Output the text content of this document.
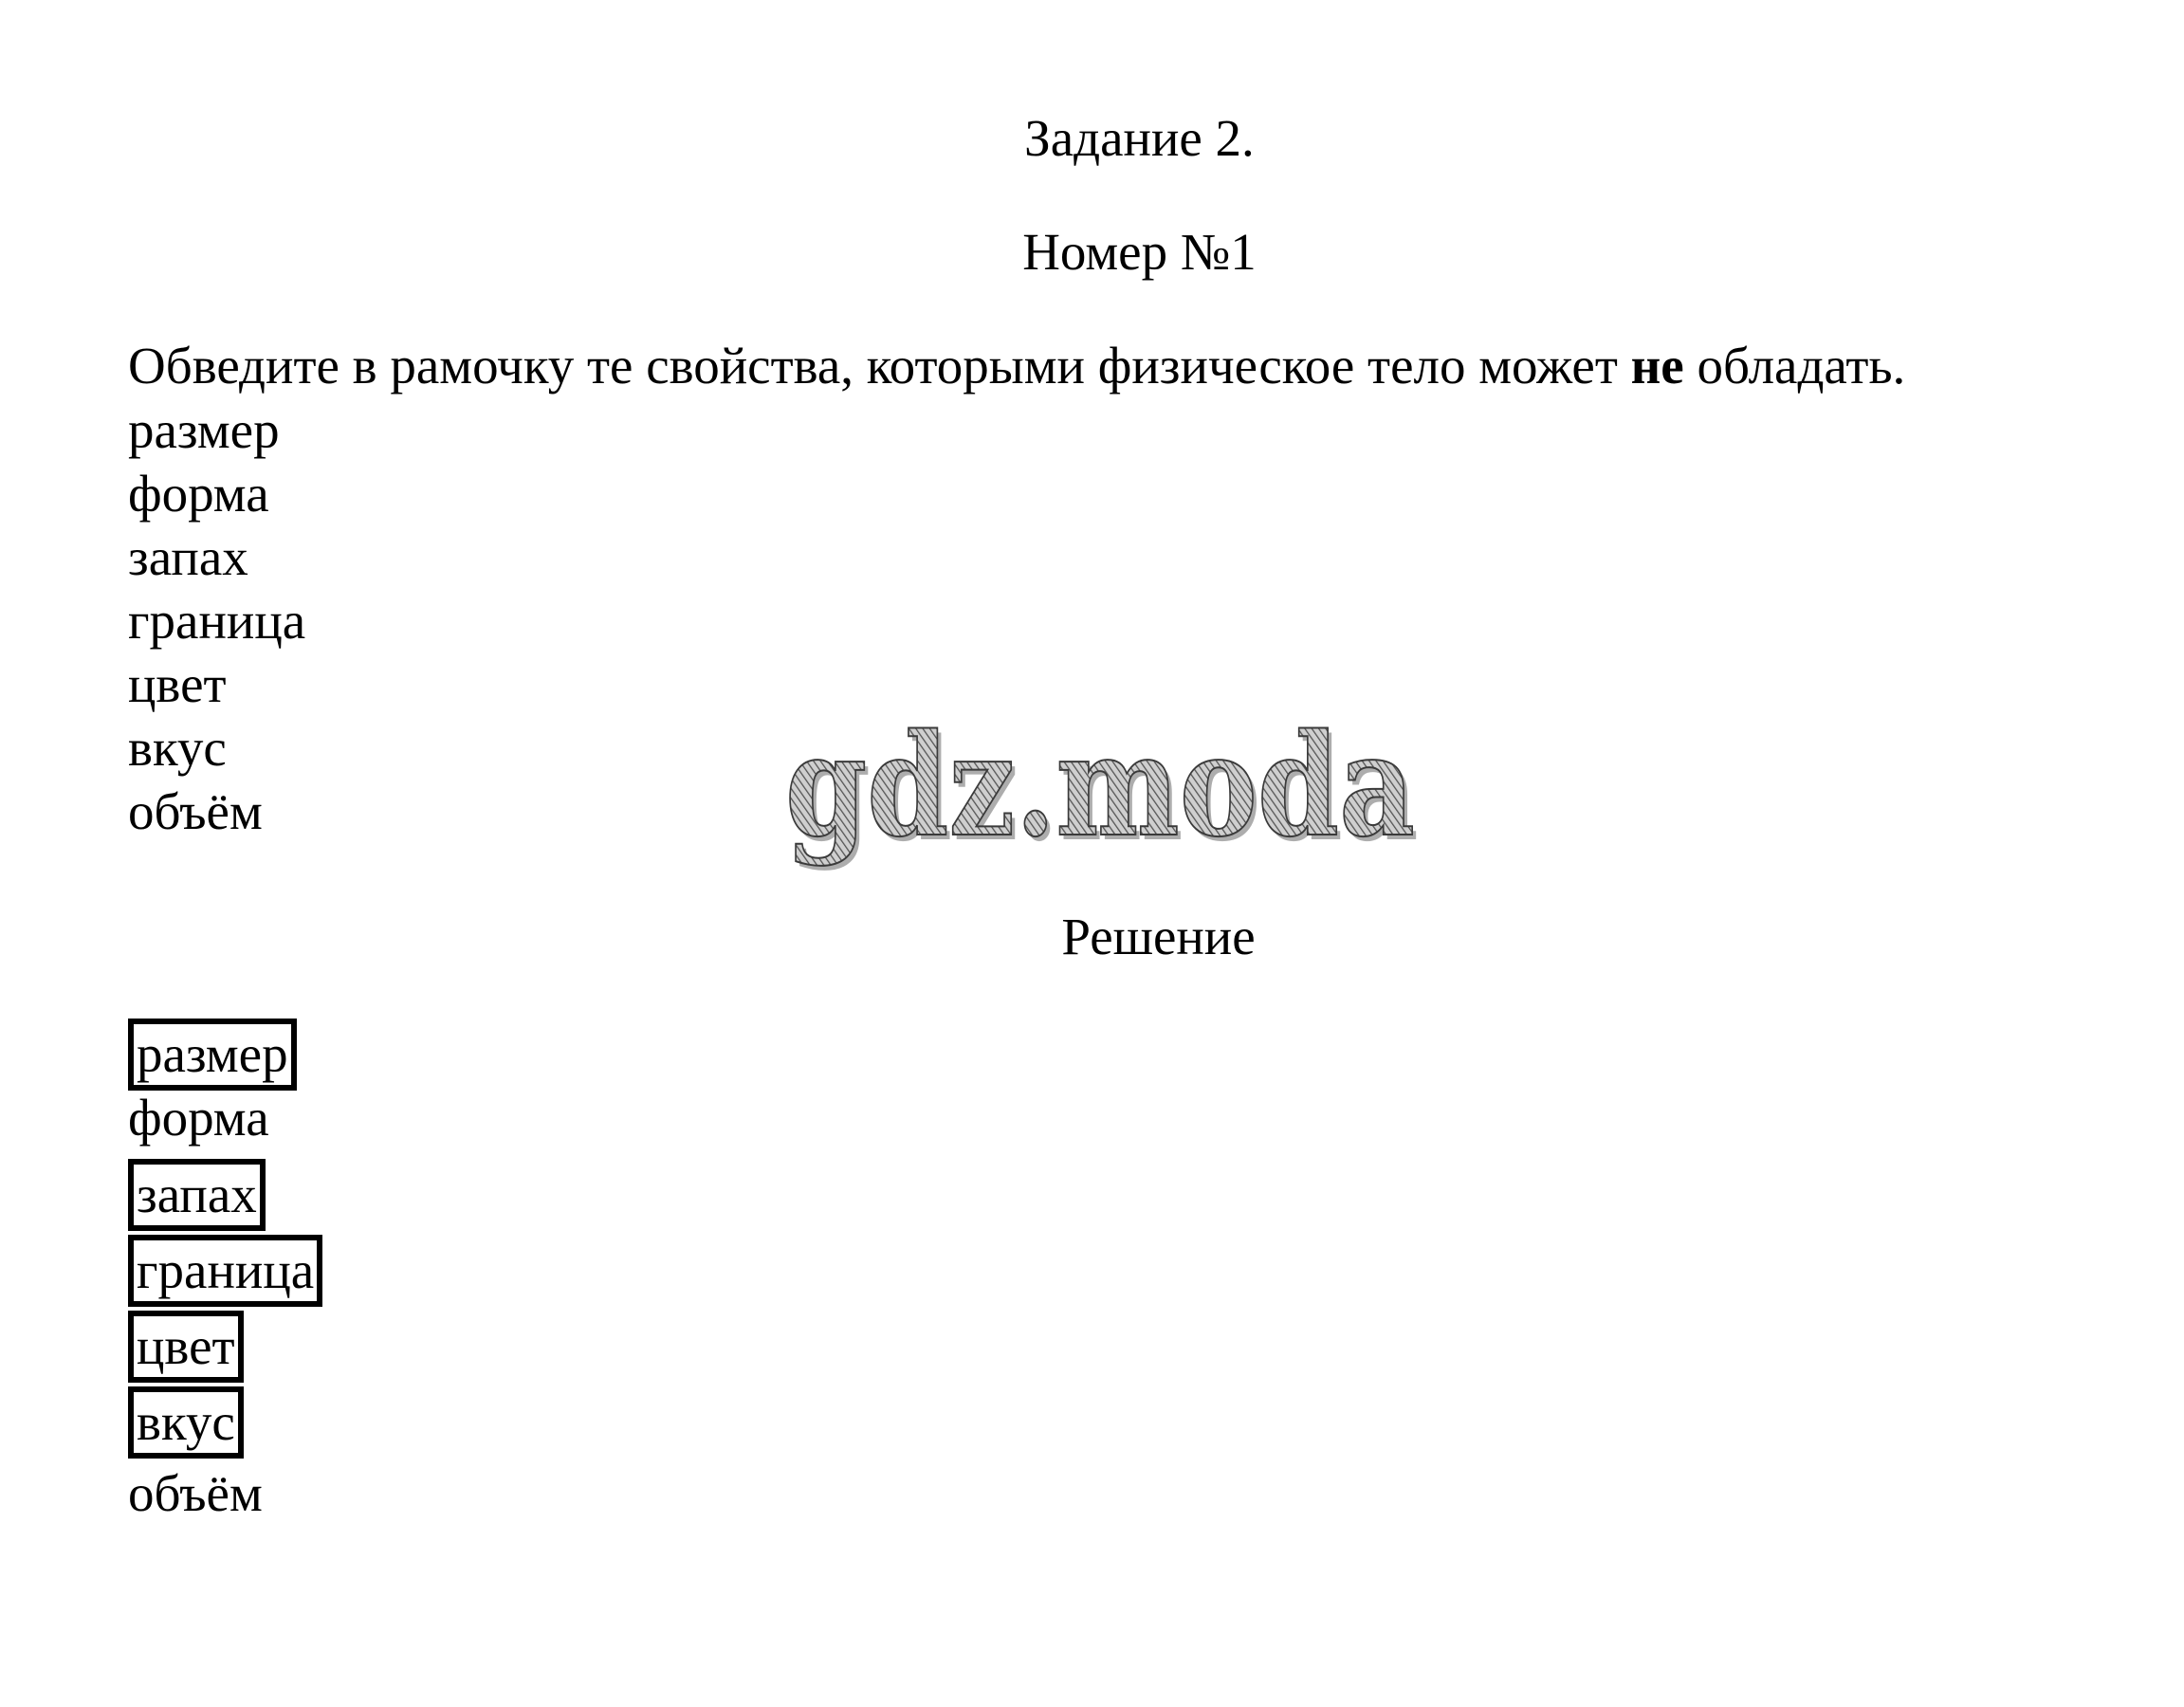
Задание 2.
Номер №1
Обведите в рамочку те свойства, которыми физическое тело может не обладать.
размер
форма
запах
граница
цвет
вкус
объём	gdz.moda
gdz.moda
Решение
размер
форма
запах
граница
цвет
вкус
объём
